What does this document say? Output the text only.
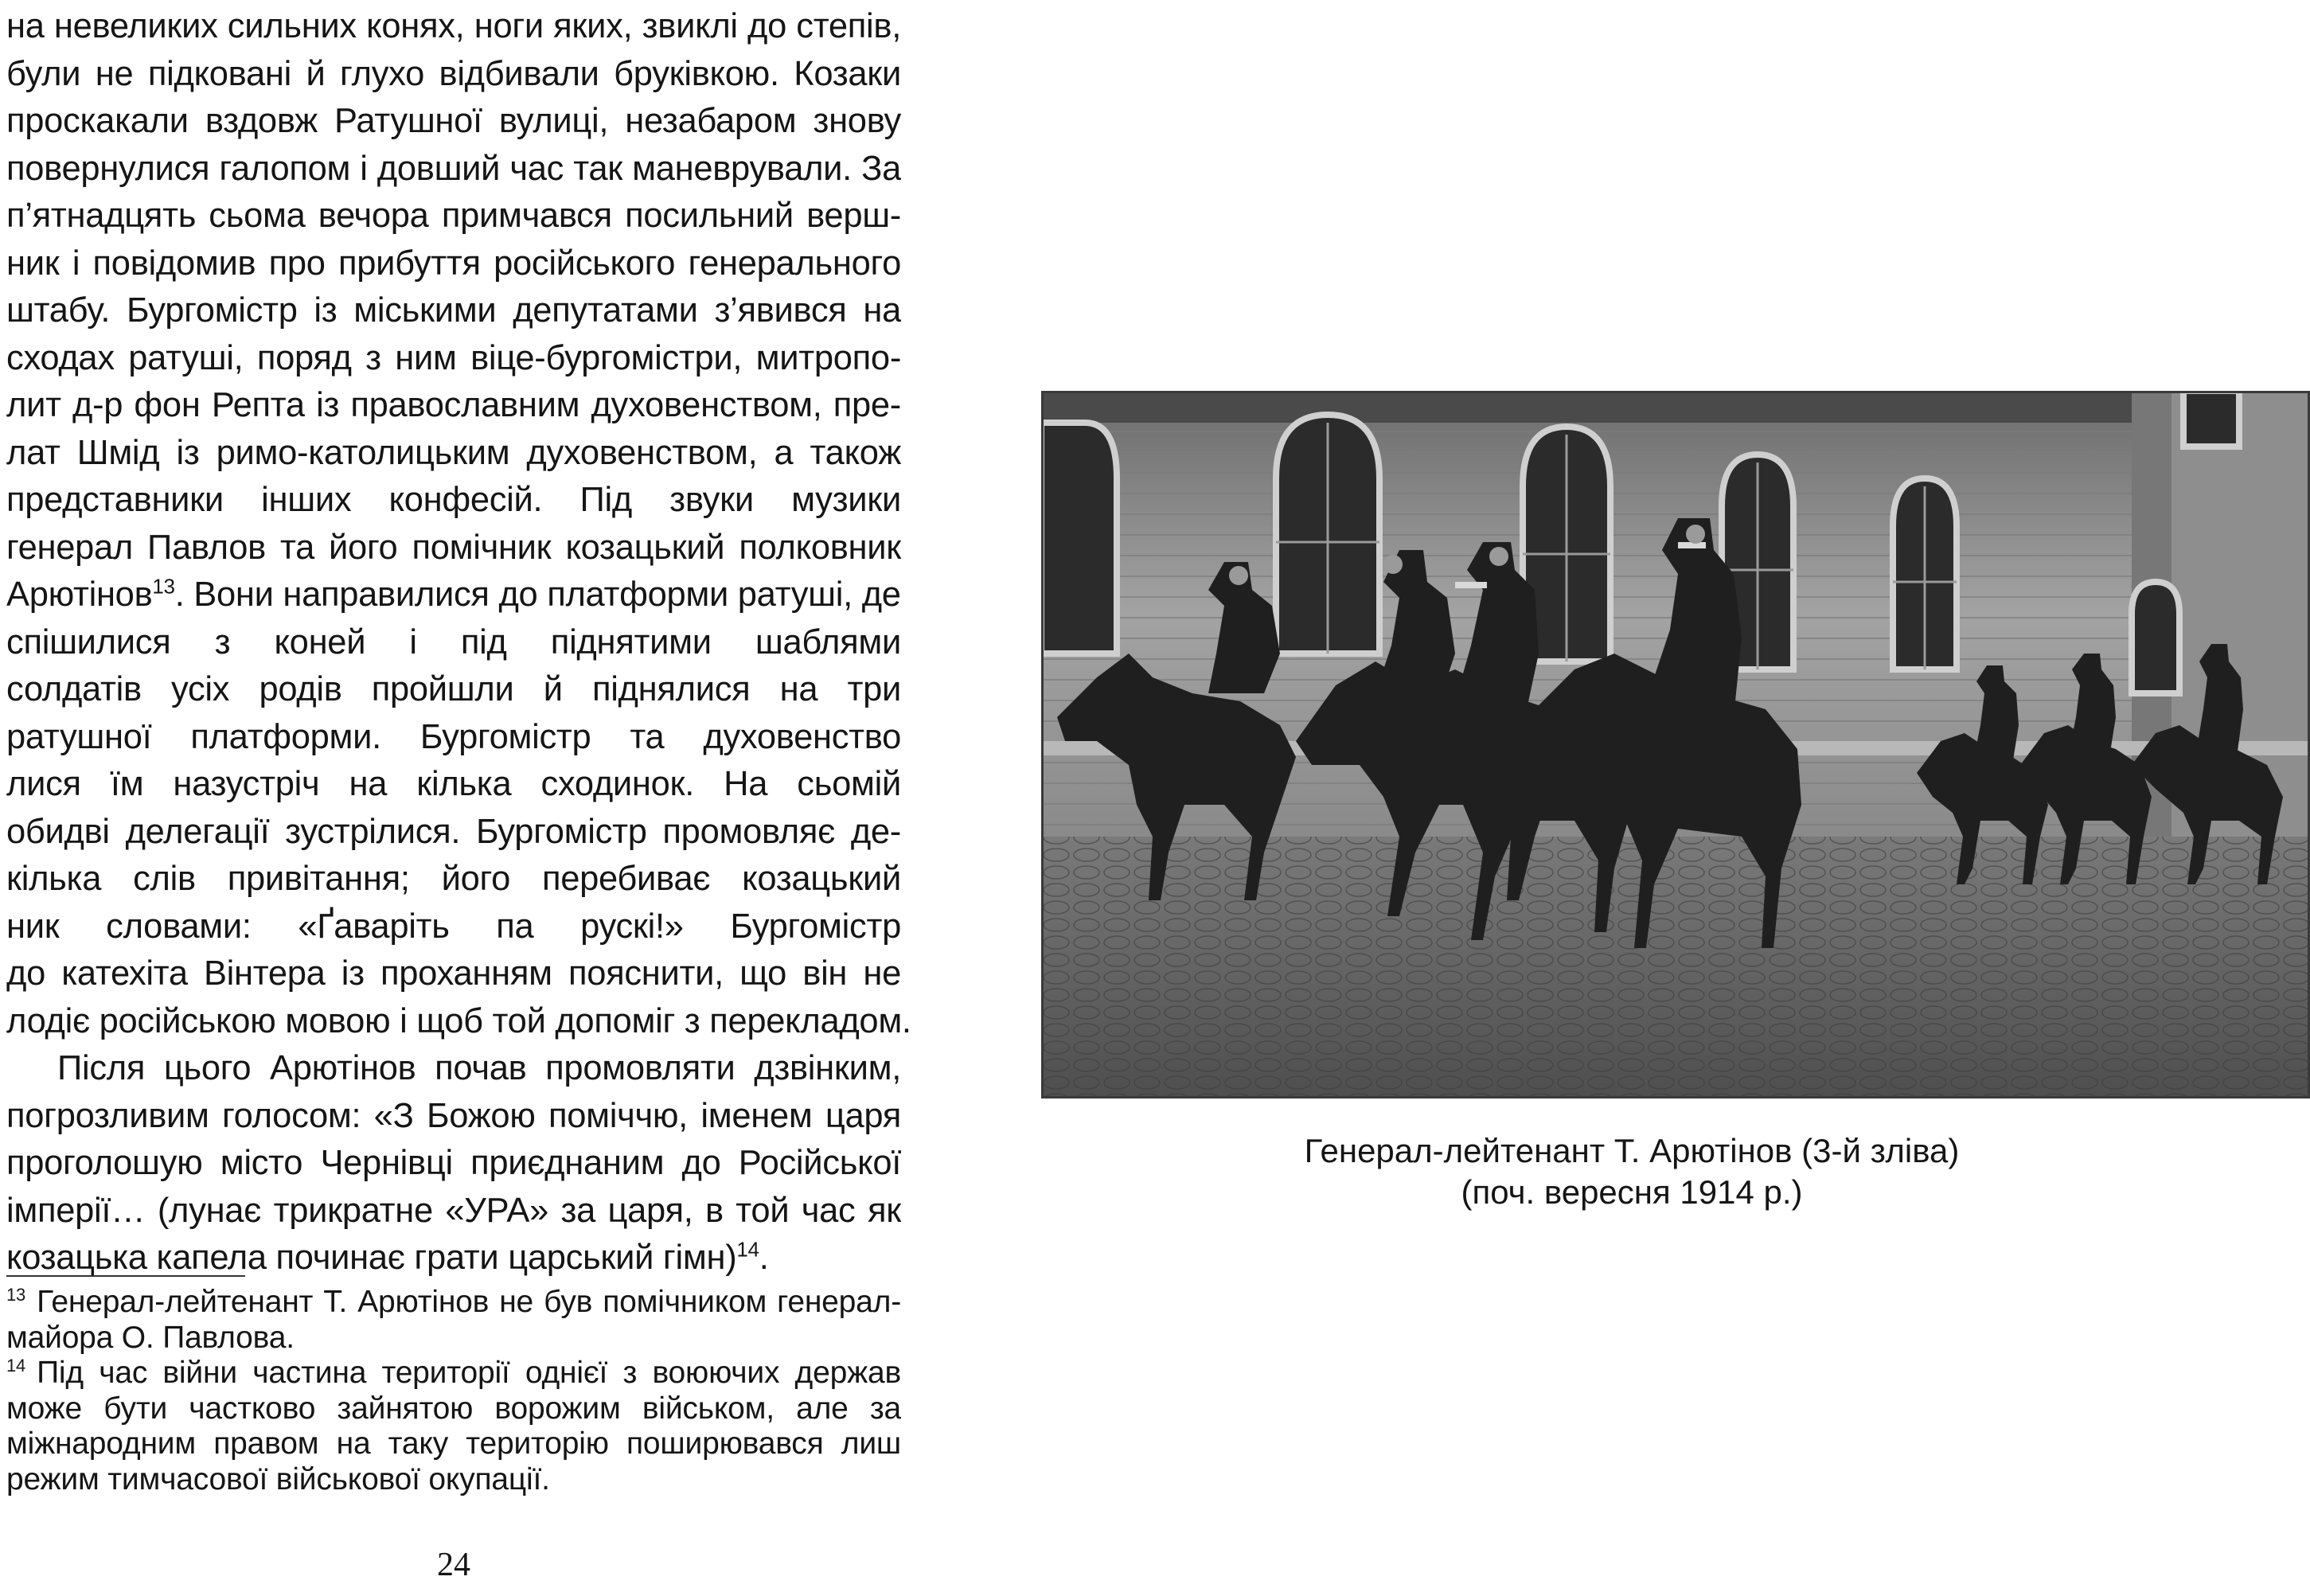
на невеликих сильних конях, ноги яких, звиклі до степів,
були не підковані й глухо відбивали бруківкою. Козаки
проскакали вздовж Ратушної вулиці, незабаром знову
повернулися галопом і довший час так маневрували. За
п’ятнадцять сьома вечора примчався посильний верш-
ник і повідомив про прибуття російського генерального
штабу. Бургомістр із міськими депутатами з’явився на
сходах ратуші, поряд з ним віце-бургомістри, митропо-
лит д-р фон Репта із православним духовенством, пре-
лат Шмід із римо-католицьким духовенством, а також
представники інших конфесій. Під звуки музики
генерал Павлов та його помічник козацький полковник
Арютінов$^{13}$. Вони направилися до платформи ратуші, де
спішилися з коней і під піднятими шаблями
солдатів усіх родів пройшли й піднялися на три
ратушної платформи. Бургомістр та духовенство
лися їм назустріч на кілька сходинок. На сьомій
обидві делегації зустрілися. Бургомістр промовляє де-
кілька слів привітання; його перебиває козацький
ник словами: «Ґаваріть па рускі!» Бургомістр
до катехіта Вінтера із проханням пояснити, що він не
лодіє російською мовою і щоб той допоміг з перекладом.
Після цього Арютінов почав промовляти дзвінким,
погрозливим голосом: «З Божою поміччю, іменем царя
проголошую місто Чернівці приєднаним до Російської
імперії… (лунає трикратне «УРА» за царя, в той час як
козацька капела починає грати царський гімн)$^{14}$.
$^{13}$ Генерал-лейтенант Т. Арютінов не був помічником генерал-
майора О. Павлова.
$^{14}$ Під час війни частина території однієї з воюючих держав
може бути частково зайнятою ворожим військом, але за
міжнародним правом на таку територію поширювався лиш
режим тимчасової військової окупації.
24
Генерал-лейтенант Т. Арютінов (3-й зліва)
(поч. вересня 1914 р.)
